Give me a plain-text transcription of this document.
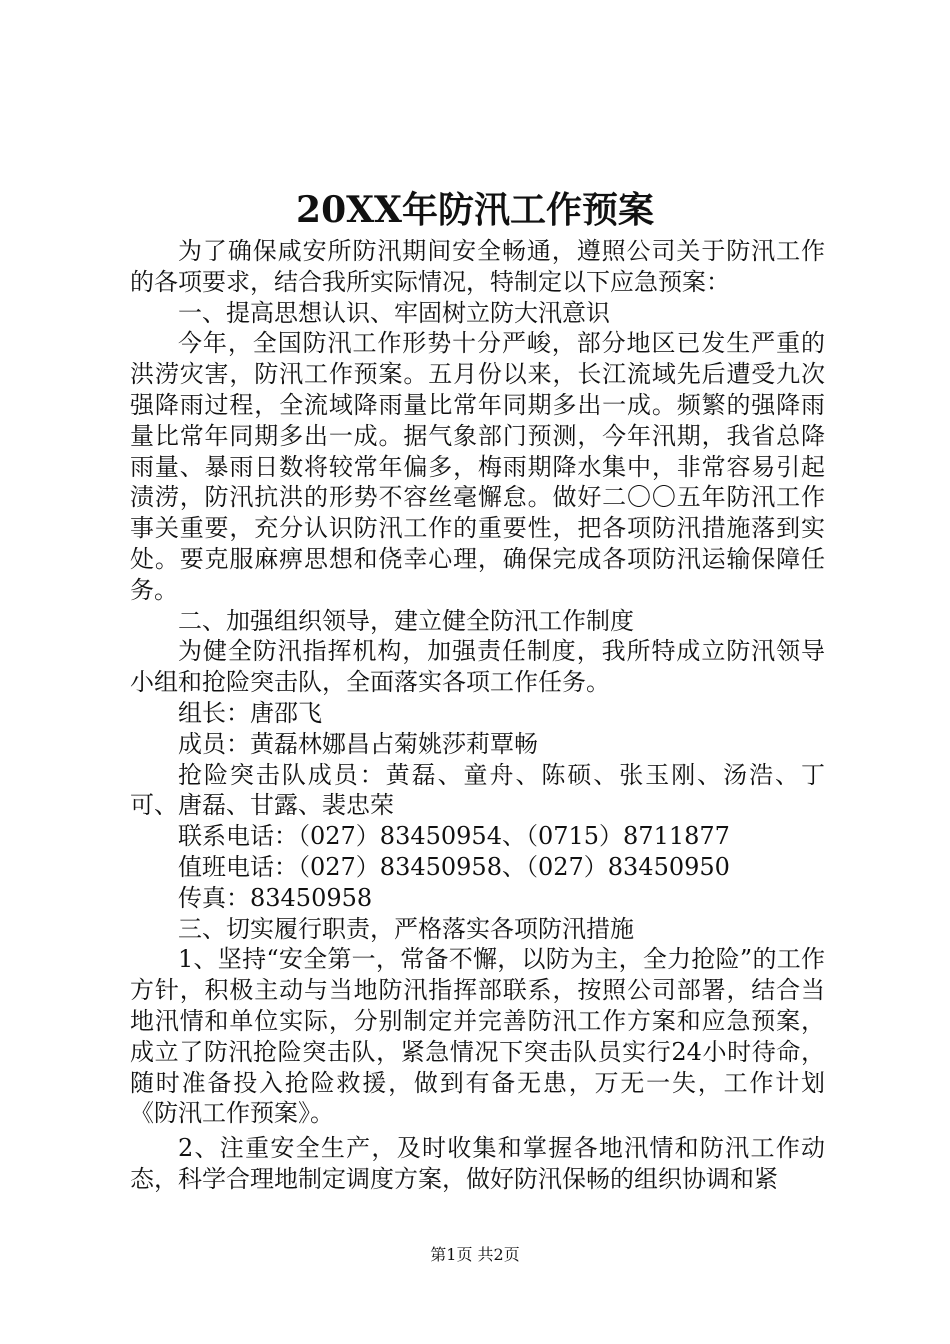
20XX年防汛工作预案

为了确保咸安所防汛期间安全畅通，遵照公司关于防汛工作的各项要求，结合我所实际情况，特制定以下应急预案：

一、提高思想认识、牢固树立防大汛意识

今年，全国防汛工作形势十分严峻，部分地区已发生严重的洪涝灾害，防汛工作预案。五月份以来，长江流域先后遭受九次强降雨过程，全流域降雨量比常年同期多出一成。频繁的强降雨量比常年同期多出一成。据气象部门预测，今年汛期，我省总降雨量、暴雨日数将较常年偏多，梅雨期降水集中，非常容易引起渍涝，防汛抗洪的形势不容丝毫懈怠。做好二〇〇五年防汛工作事关重要，充分认识防汛工作的重要性，把各项防汛措施落到实处。要克服麻痹思想和侥幸心理，确保完成各项防汛运输保障任务。

二、加强组织领导，建立健全防汛工作制度

为健全防汛指挥机构，加强责任制度，我所特成立防汛领导小组和抢险突击队，全面落实各项工作任务。

组长：唐邵飞

成员：黄磊林娜昌占菊姚莎莉覃畅

抢险突击队成员：黄磊、童舟、陈硕、张玉刚、汤浩、丁可、唐磊、甘露、裴忠荣

联系电话：（027）83450954、（0715）8711877

值班电话：（027）83450958、（027）83450950

传真：83450958

三、切实履行职责，严格落实各项防汛措施

1、坚持“安全第一，常备不懈，以防为主，全力抢险”的工作方针，积极主动与当地防汛指挥部联系，按照公司部署，结合当地汛情和单位实际，分别制定并完善防汛工作方案和应急预案，成立了防汛抢险突击队，紧急情况下突击队员实行24小时待命，随时准备投入抢险救援，做到有备无患，万无一失，工作计划《防汛工作预案》。

2、注重安全生产，及时收集和掌握各地汛情和防汛工作动态，科学合理地制定调度方案，做好防汛保畅的组织协调和紧

第1页 共2页
